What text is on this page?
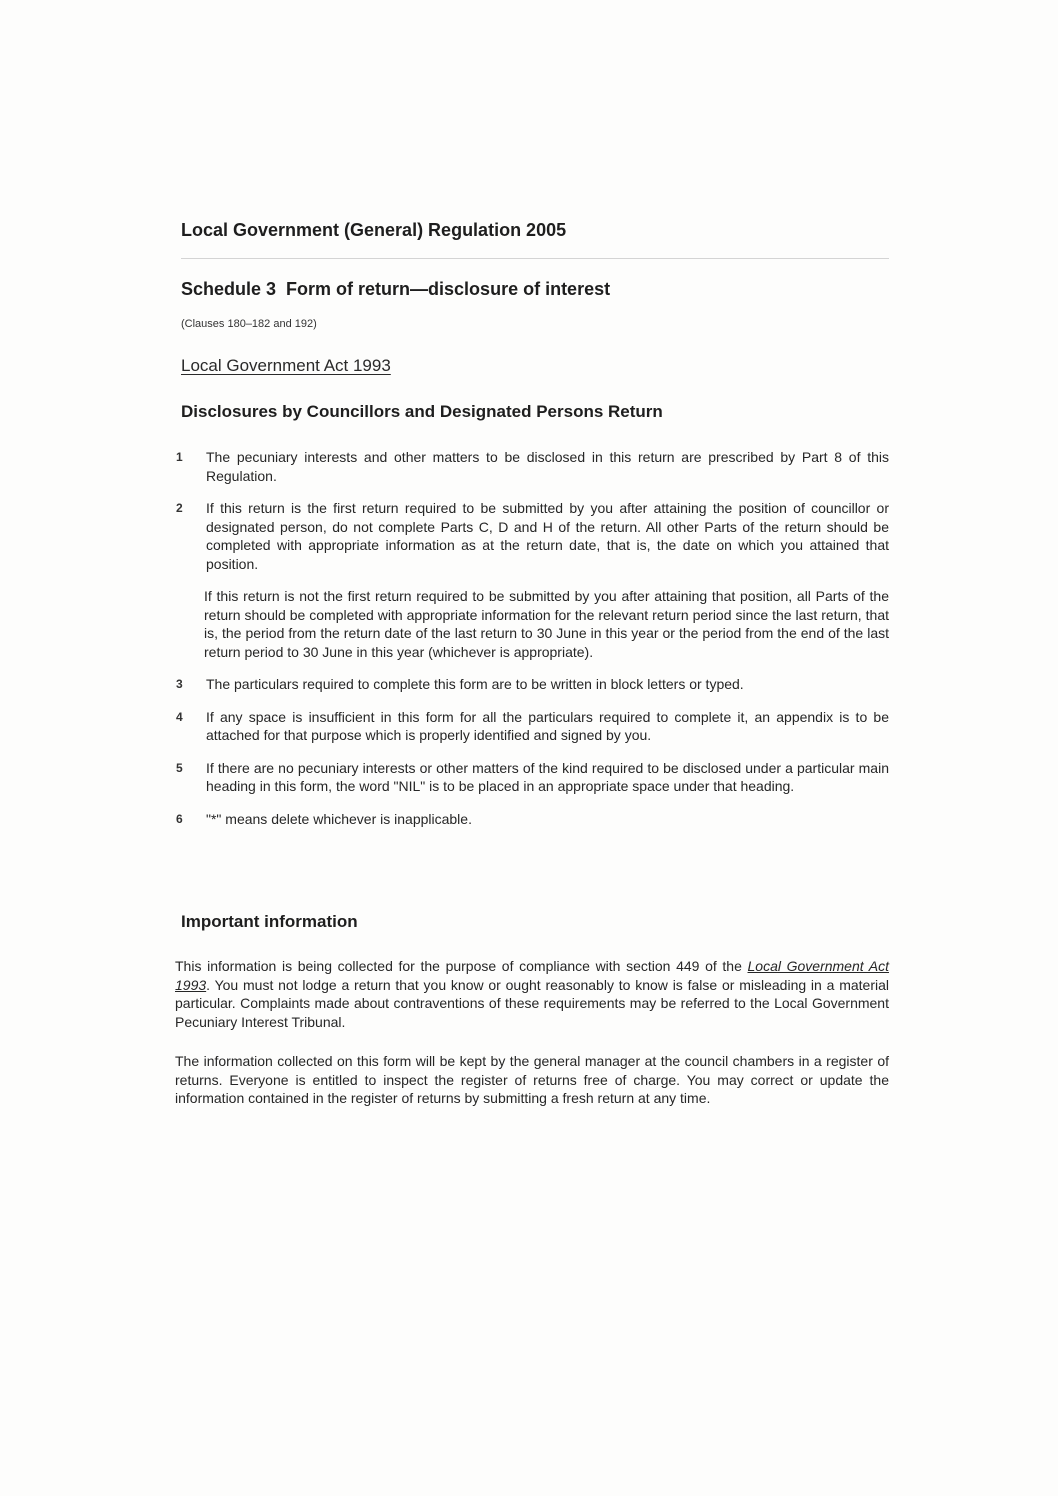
Local Government (General) Regulation 2005
Schedule 3 Form of return—disclosure of interest
(Clauses 180–182 and 192)
Local Government Act 1993
Disclosures by Councillors and Designated Persons Return
1 The pecuniary interests and other matters to be disclosed in this return are prescribed by Part 8 of this Regulation.
2 If this return is the first return required to be submitted by you after attaining the position of councillor or designated person, do not complete Parts C, D and H of the return. All other Parts of the return should be completed with appropriate information as at the return date, that is, the date on which you attained that position.
If this return is not the first return required to be submitted by you after attaining that position, all Parts of the return should be completed with appropriate information for the relevant return period since the last return, that is, the period from the return date of the last return to 30 June in this year or the period from the end of the last return period to 30 June in this year (whichever is appropriate).
3 The particulars required to complete this form are to be written in block letters or typed.
4 If any space is insufficient in this form for all the particulars required to complete it, an appendix is to be attached for that purpose which is properly identified and signed by you.
5 If there are no pecuniary interests or other matters of the kind required to be disclosed under a particular main heading in this form, the word "NIL" is to be placed in an appropriate space under that heading.
6 "*" means delete whichever is inapplicable.
Important information
This information is being collected for the purpose of compliance with section 449 of the Local Government Act 1993. You must not lodge a return that you know or ought reasonably to know is false or misleading in a material particular. Complaints made about contraventions of these requirements may be referred to the Local Government Pecuniary Interest Tribunal.
The information collected on this form will be kept by the general manager at the council chambers in a register of returns. Everyone is entitled to inspect the register of returns free of charge. You may correct or update the information contained in the register of returns by submitting a fresh return at any time.
